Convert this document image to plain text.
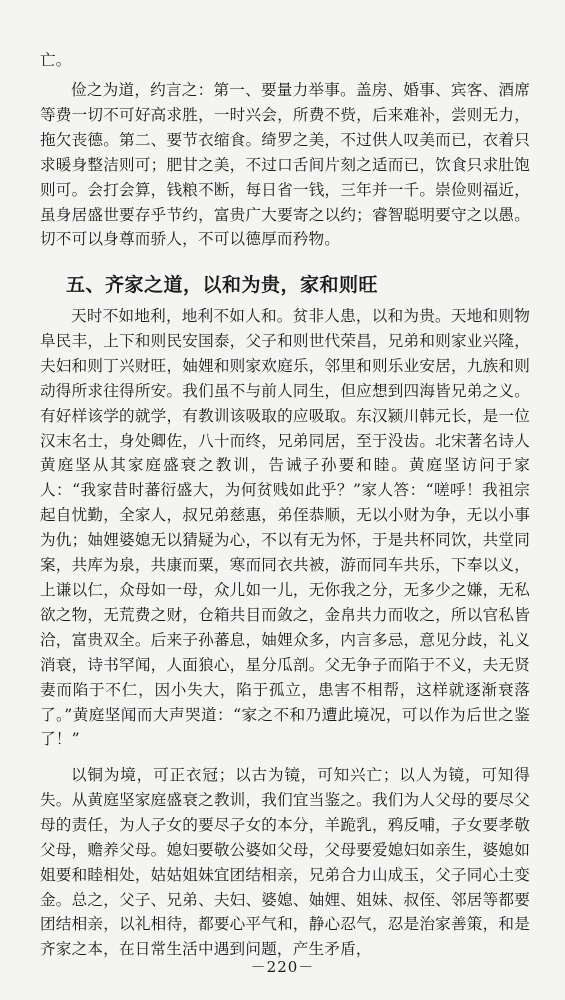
亡。

俭之为道，约言之：第一、要量力举事。盖房、婚事、宾客、酒席等费一切不可好高求胜，一时兴会，所费不赀，后来难补，尝则无力，拖欠丧德。第二、要节衣缩食。绮罗之美，不过供人叹美而已，衣着只求暖身整洁则可；肥甘之美，不过口舌间片刻之适而已，饮食只求肚饱则可。会打会算，钱粮不断，每日省一钱，三年并一千。崇俭则福近，虽身居盛世要存乎节约，富贵广大要寄之以约；睿智聪明要守之以愚。切不可以身尊而骄人，不可以德厚而矜物。

五、齐家之道，以和为贵，家和则旺

天时不如地利，地利不如人和。贫非人患，以和为贵。天地和则物阜民丰，上下和则民安国泰，父子和则世代荣昌，兄弟和则家业兴隆，夫妇和则丁兴财旺，妯娌和则家欢庭乐，邻里和则乐业安居，九族和则动得所求往得所安。我们虽不与前人同生，但应想到四海皆兄弟之义。有好样该学的就学，有教训该吸取的应吸取。东汉颍川韩元长，是一位汉末名士，身处卿佐，八十而终，兄弟同居，至于没齿。北宋著名诗人黄庭坚从其家庭盛衰之教训，告诫子孙要和睦。黄庭坚访问于家人：“我家昔时蕃衍盛大，为何贫贱如此乎？”家人答：“嗟呼！我祖宗起自忧勤，全家人，叔兄弟慈惠，弟侄恭顺，无以小财为争，无以小事为仇；妯娌婆媳无以猜疑为心，不以有无为怀，于是共杯同饮，共堂同案，共库为泉，共康而粟，寒而同衣共被，游而同车共乐，下奉以义，上谦以仁，众母如一母，众儿如一儿，无你我之分，无多少之嫌，无私欲之物，无荒费之财，仓箱共目而敛之，金帛共力而收之，所以官私皆洽，富贵双全。后来子孙蕃息，妯娌众多，内言多忌，意见分歧，礼义消衰，诗书罕闻，人面狼心，星分瓜剖。父无争子而陷于不义，夫无贤妻而陷于不仁，因小失大，陷于孤立，患害不相帮，这样就逐渐衰落了。”黄庭坚闻而大声哭道：“家之不和乃遭此境况，可以作为后世之鉴了！”

以铜为境，可正衣冠；以古为镜，可知兴亡；以人为镜，可知得失。从黄庭坚家庭盛衰之教训，我们宜当鉴之。我们为人父母的要尽父母的责任，为人子女的要尽子女的本分，羊跪乳，鸦反哺，子女要孝敬父母，赡养父母。媳妇要敬公婆如父母，父母要爱媳妇如亲生，婆媳如姐要和睦相处，姑姑姐妹宜团结相亲，兄弟合力山成玉，父子同心土变金。总之，父子、兄弟、夫妇、婆媳、妯娌、姐妹、叔侄、邻居等都要团结相亲，以礼相待，都要心平气和，静心忍气，忍是治家善策，和是齐家之本，在日常生活中遇到问题，产生矛盾，

－220－
